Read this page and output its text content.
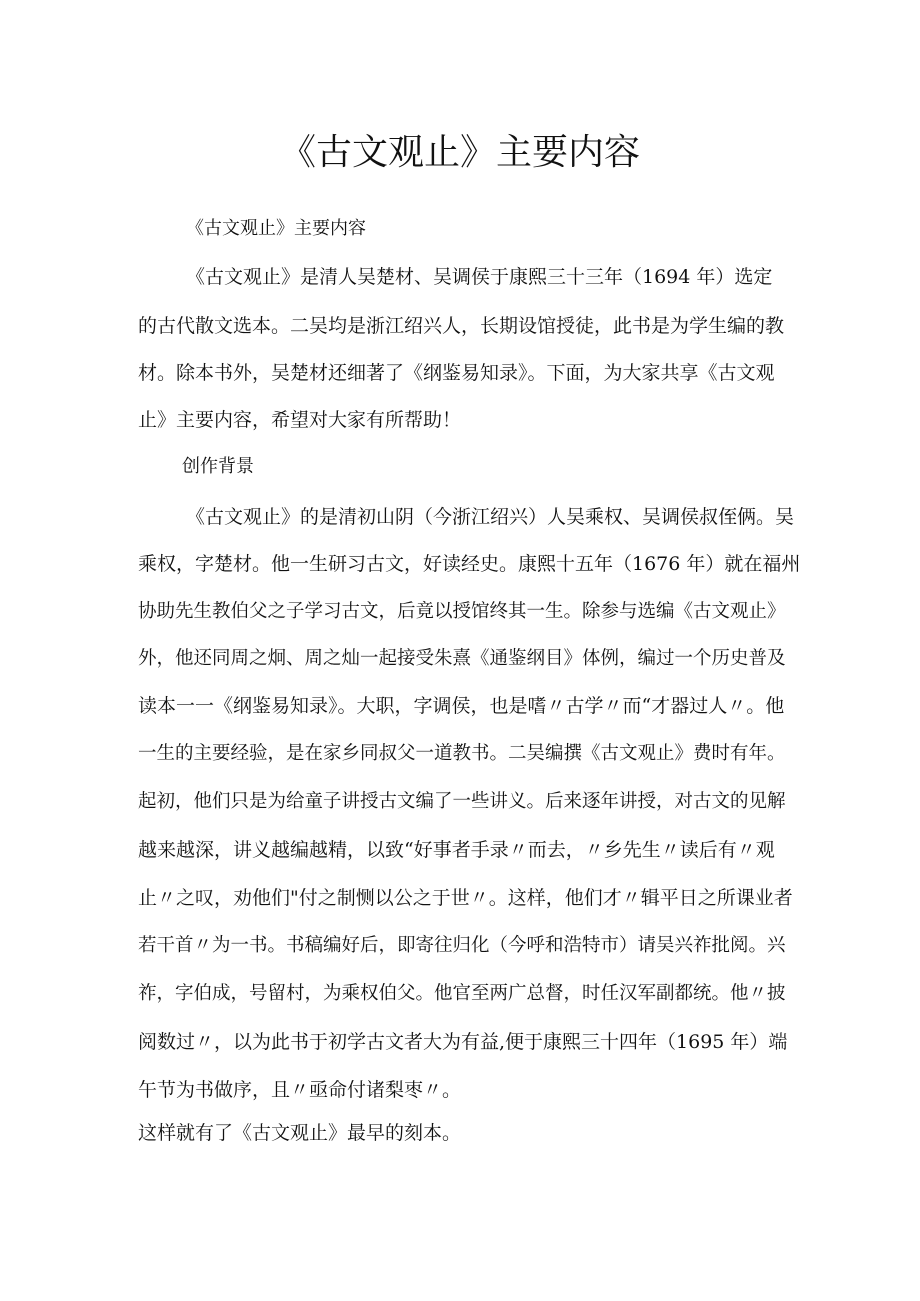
《古文观止》主要内容

《古文观止》主要内容

《古文观止》是清人吴楚材、吴调侯于康熙三十三年（1694 年）选定

的古代散文选本。二吴均是浙江绍兴人，长期设馆授徒，此书是为学生编的教

材。除本书外，吴楚材还细著了《纲鉴易知录》。下面，为大家共享《古文观

止》主要内容，希望对大家有所帮助！

创作背景

《古文观止》的是清初山阴（今浙江绍兴）人吴乘权、吴调侯叔侄俩。吴

乘权，字楚材。他一生研习古文，好读经史。康熙十五年（1676 年）就在福州

协助先生教伯父之子学习古文，后竟以授馆终其一生。除参与选编《古文观止》

外，他还同周之炯、周之灿一起接受朱熹《通鉴纲目》体例，编过一个历史普及

读本一一《纲鉴易知录》。大职，字调侯，也是嗜〃古学〃而“才器过人〃。他

一生的主要经验，是在家乡同叔父一道教书。二吴编撰《古文观止》费时有年。

起初，他们只是为给童子讲授古文编了一些讲义。后来逐年讲授，对古文的见解

越来越深，讲义越编越精，以致“好事者手录〃而去，〃乡先生〃读后有〃观

止〃之叹，劝他们"付之制恻以公之于世〃。这样，他们才〃辑平日之所课业者

若干首〃为一书。书稿编好后，即寄往归化（今呼和浩特市）请吴兴祚批阅。兴

祚，字伯成，号留村，为乘权伯父。他官至两广总督，时任汉军副都统。他〃披

阅数过〃，以为此书于初学古文者大为有益,便于康熙三十四年（1695 年）端

午节为书做序，且〃亟命付诸梨枣〃。

这样就有了《古文观止》最早的刻本。
